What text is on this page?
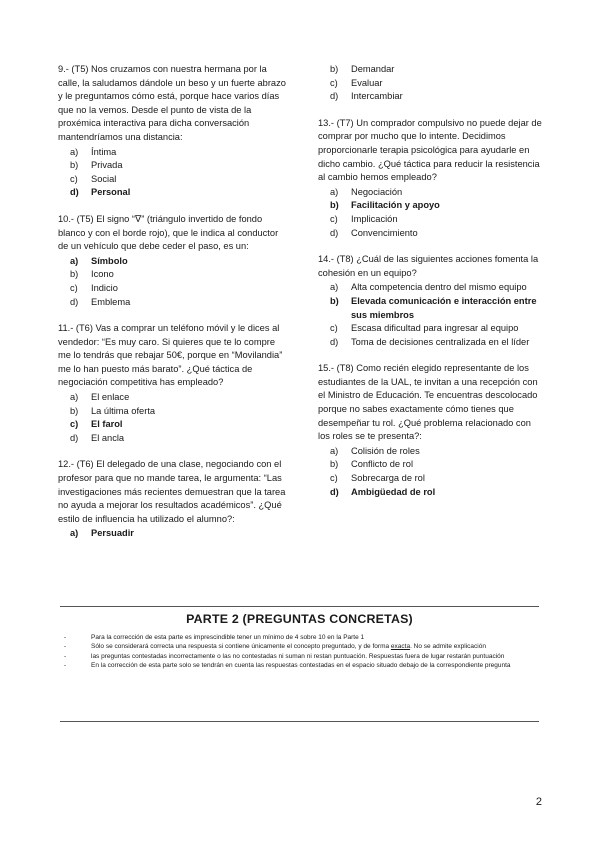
9.- (T5) Nos cruzamos con nuestra hermana por la calle, la saludamos dándole un beso y un fuerte abrazo y le preguntamos cómo está, porque hace varios días que no la vemos. Desde el punto de vista de la proxémica interactiva para dicha conversación mantendríamos una distancia:
a)	Íntima
b)	Privada
c)	Social
d)	Personal
10.- (T5) El signo “∇” (triángulo invertido de fondo blanco y con el borde rojo), que le indica al conductor de un vehículo que debe ceder el paso, es un:
a)	Símbolo
b)	Icono
c)	Indicio
d)	Emblema
11.- (T6) Vas a comprar un teléfono móvil y le dices al vendedor: “Es muy caro. Si quieres que te lo compre me lo tendrás que rebajar 50€, porque en “Movilandia” me lo han puesto más barato”. ¿Qué táctica de negociación competitiva has empleado?
a)	El enlace
b)	La última oferta
c)	El farol
d)	El ancla
12.- (T6) El delegado de una clase, negociando con el profesor para que no mande tarea, le argumenta: “Las investigaciones más recientes demuestran que la tarea no ayuda a mejorar los resultados académicos”. ¿Qué estilo de influencia ha utilizado el alumno?:
a)	Persuadir
b)	Demandar
c)	Evaluar
d)	Intercambiar
13.- (T7) Un comprador compulsivo no puede dejar de comprar por mucho que lo intente. Decidimos proporcionarle terapia psicológica para ayudarle en dicho cambio. ¿Qué táctica para reducir la resistencia al cambio hemos empleado?
a)	Negociación
b)	Facilitación y apoyo
c)	Implicación
d)	Convencimiento
14.- (T8) ¿Cuál de las siguientes acciones fomenta la cohesión en un equipo?
a)	Alta competencia dentro del mismo equipo
b)	Elevada comunicación e interacción entre sus miembros
c)	Escasa dificultad para ingresar al equipo
d)	Toma de decisiones centralizada en el líder
15.- (T8) Como recién elegido representante de los estudiantes de la UAL, te invitan a una recepción con el Ministro de Educación. Te encuentras descolocado porque no sabes exactamente cómo tienes que desempeñar tu rol. ¿Qué problema relacionado con los roles se te presenta?:
a)	Colisión de roles
b)	Conflicto de rol
c)	Sobrecarga de rol
d)	Ambigüedad de rol
PARTE 2 (PREGUNTAS CONCRETAS)
-	Para la corrección de esta parte es imprescindible tener un mínimo de 4 sobre 10 en la Parte 1
-	Sólo se considerará correcta una respuesta si contiene únicamente el concepto preguntado, y de forma exacta. No se admite explicación
-	las preguntas contestadas incorrectamente o las no contestadas ni suman ni restan puntuación. Respuestas fuera de lugar restarán puntuación
-	En la corrección de esta parte solo se tendrán en cuenta las respuestas contestadas en el espacio situado debajo de la correspondiente pregunta
2
